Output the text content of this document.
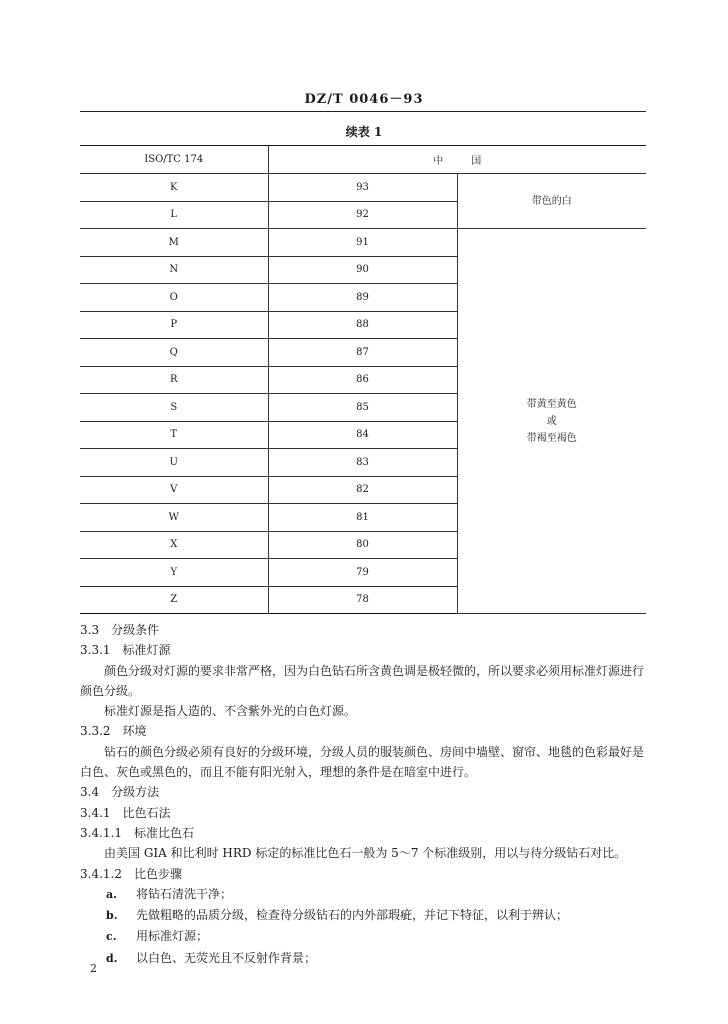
DZ/T 0046－93
续表 1
ISO/TC 174	中国	
K	93	带色的白
L	92	
M	91	带黄至黄色
或
带褐至褐色

N	90	
O	89	
P	88	
Q	87	
R	86	
S	85	
T	84	
U	83	
V	82	
W	81	
X	80	
Y	79	
Z	78	

3.3　分级条件

3.3.1　标准灯源

颜色分级对灯源的要求非常严格，因为白色钻石所含黄色调是极轻微的，所以要求必须用标准灯源进行颜色分级。

标准灯源是指人造的、不含紫外光的白色灯源。

3.3.2　环境

钻石的颜色分级必须有良好的分级环境，分级人员的服装颜色、房间中墙壁、窗帘、地毯的色彩最好是白色、灰色或黑色的，而且不能有阳光射入，理想的条件是在暗室中进行。

3.4　分级方法

3.4.1　比色石法

3.4.1.1　标准比色石

由美国 GIA 和比利时 HRD 标定的标准比色石一般为 5～7 个标准级别，用以与待分级钻石对比。

3.4.1.2　比色步骤

a. 将钻石清洗干净；

b. 先做粗略的品质分级，检查待分级钻石的内外部瑕疵，并记下特征，以利于辨认；

c. 用标准灯源；

d. 以白色、无荧光且不反射作背景；

2
